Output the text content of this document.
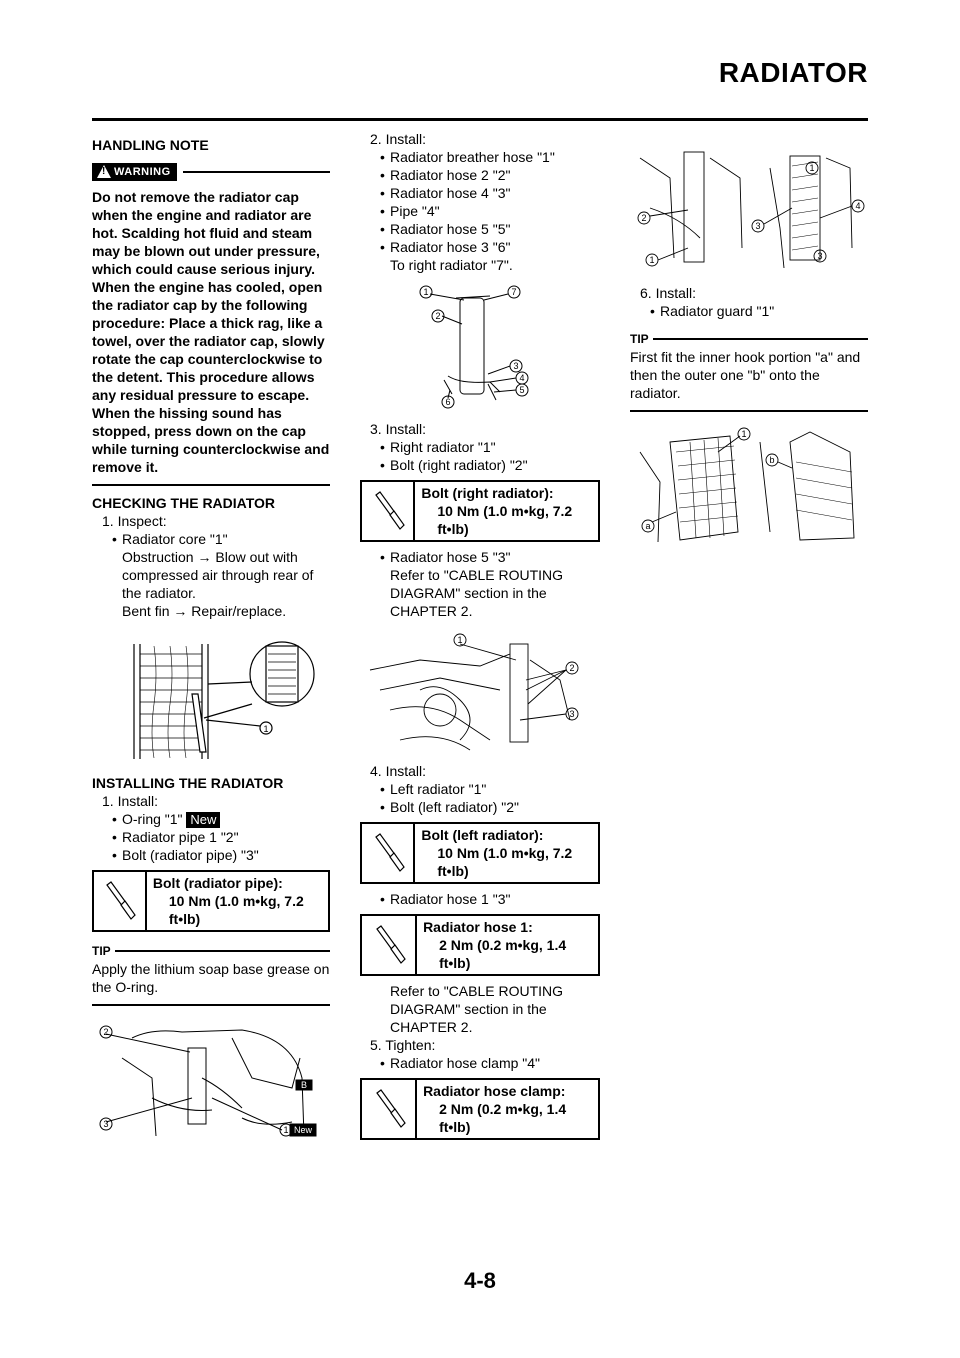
RADIATOR
HANDLING NOTE
!
WARNING
Do not remove the radiator cap when the engine and radiator are hot. Scalding hot fluid and steam may be blown out under pressure, which could cause serious injury. When the engine has cooled, open the radiator cap by the following procedure: Place a thick rag, like a towel, over the radiator cap, slowly rotate the cap counterclockwise to the detent. This procedure allows any residual pressure to escape. When the hissing sound has stopped, press down on the cap while turning counterclockwise and remove it.
CHECKING THE RADIATOR
1. Inspect:
• Radiator core "1"
Obstruction → Blow out with compressed air through rear of the radiator.
Bent fin → Repair/replace.
1
INSTALLING THE RADIATOR
1. Install:
• O-ring "1" New
• Radiator pipe 1 "2"
• Bolt (radiator pipe) "3"
Bolt (radiator pipe):
10 Nm (1.0 m•kg, 7.2 ft•lb)
TIP
Apply the lithium soap base grease on the O-ring.
2
3
1 New
B
2. Install:
• Radiator breather hose "1"
• Radiator hose 2 "2"
• Radiator hose 4 "3"
• Pipe "4"
• Radiator hose 5 "5"
• Radiator hose 3 "6"
To right radiator "7".
1	7
2
3
4
5
6
3. Install:
• Right radiator "1"
• Bolt (right radiator) "2"
Bolt (right radiator):
10 Nm (1.0 m•kg, 7.2 ft•lb)
• Radiator hose 5 "3"
Refer to "CABLE ROUTING DIAGRAM" section in the CHAPTER 2.
1
2
3
4. Install:
• Left radiator "1"
• Bolt (left radiator) "2"
Bolt (left radiator):
10 Nm (1.0 m•kg, 7.2 ft•lb)
• Radiator hose 1 "3"
Radiator hose 1:
2 Nm (0.2 m•kg, 1.4 ft•lb)
Refer to "CABLE ROUTING DIAGRAM" section in the CHAPTER 2.
5. Tighten:
• Radiator hose clamp "4"
Radiator hose clamp:
2 Nm (0.2 m•kg, 1.4 ft•lb)
2
1
1
3
4
3
6. Install:
• Radiator guard "1"
TIP
First fit the inner hook portion "a" and then the outer one "b" onto the radiator.
1
b
a
4-8
